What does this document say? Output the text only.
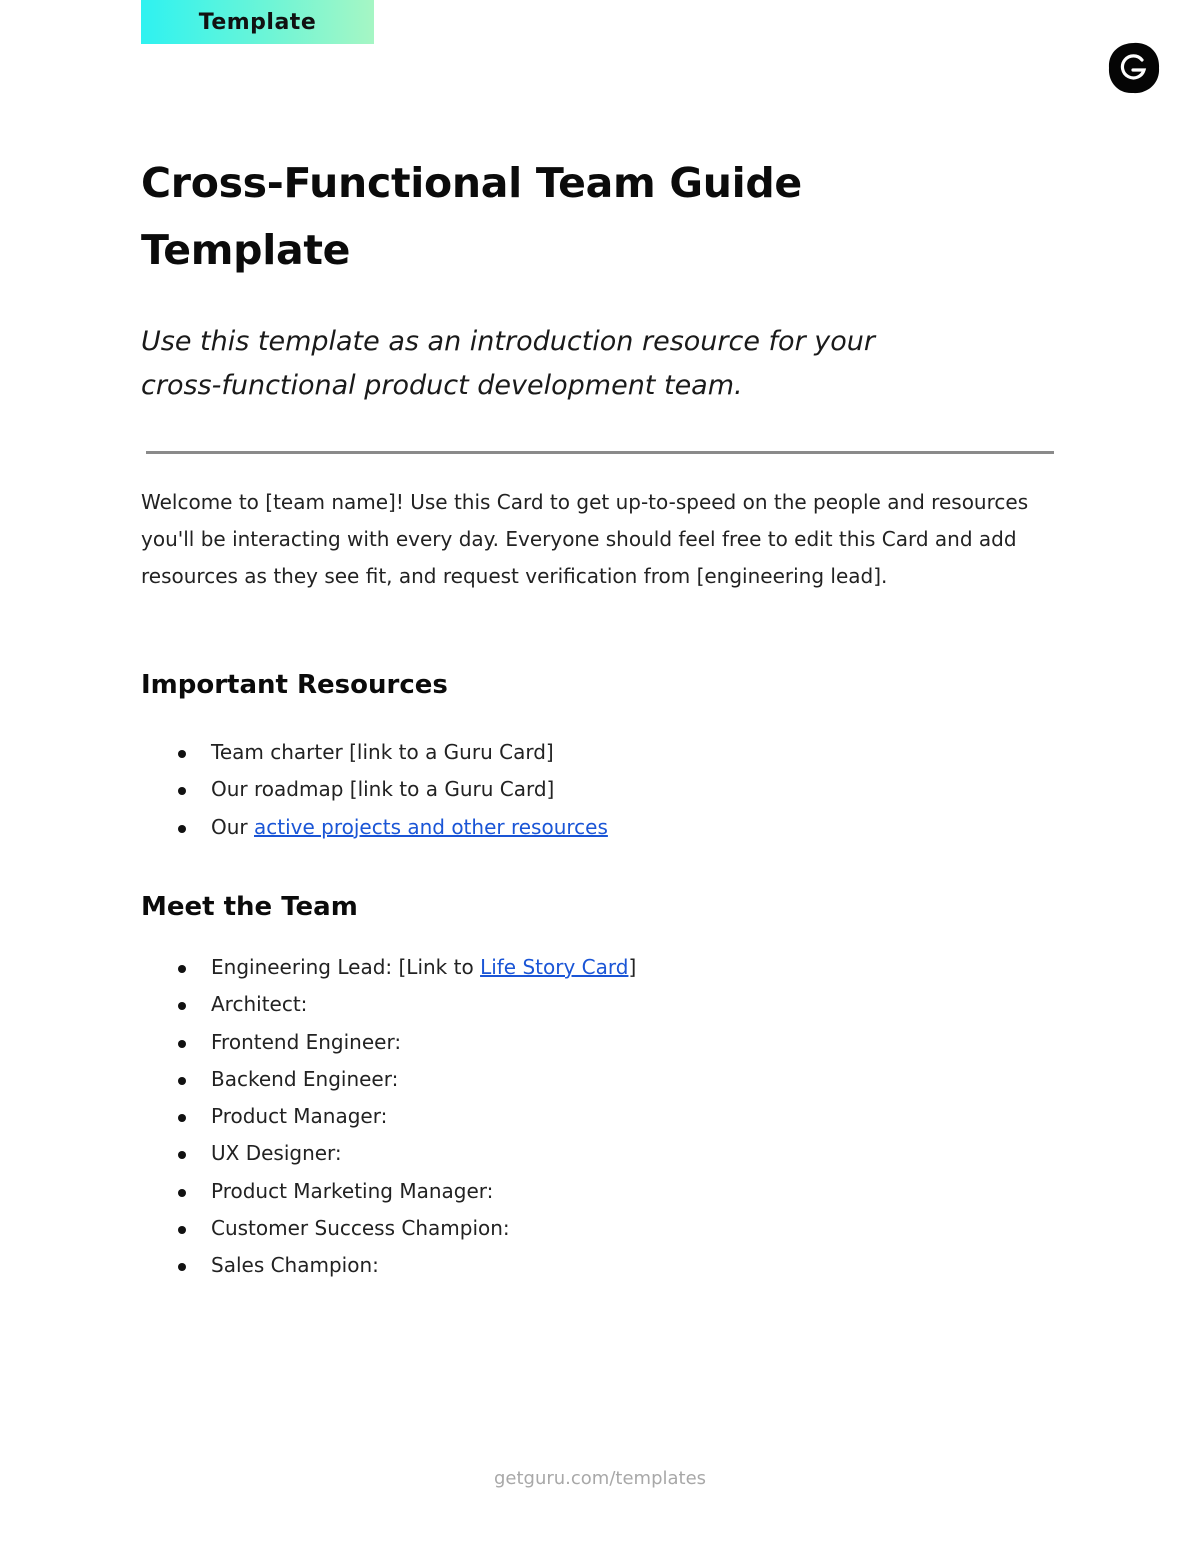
Template
Cross-Functional Team Guide
Template

Use this template as an introduction resource for your
cross-functional product development team.

Welcome to [team name]! Use this Card to get up-to-speed on the people and resources you'll be interacting with every day. Everyone should feel free to edit this Card and add resources as they see fit, and request verification from [engineering lead].

Important Resources
Team charter [link to a Guru Card]
Our roadmap [link to a Guru Card]
Our active projects and other resources
Meet the Team
Engineering Lead: [Link to Life Story Card]
Architect:
Frontend Engineer:
Backend Engineer:
Product Manager:
UX Designer:
Product Marketing Manager:
Customer Success Champion:
Sales Champion:
getguru.com/templates
